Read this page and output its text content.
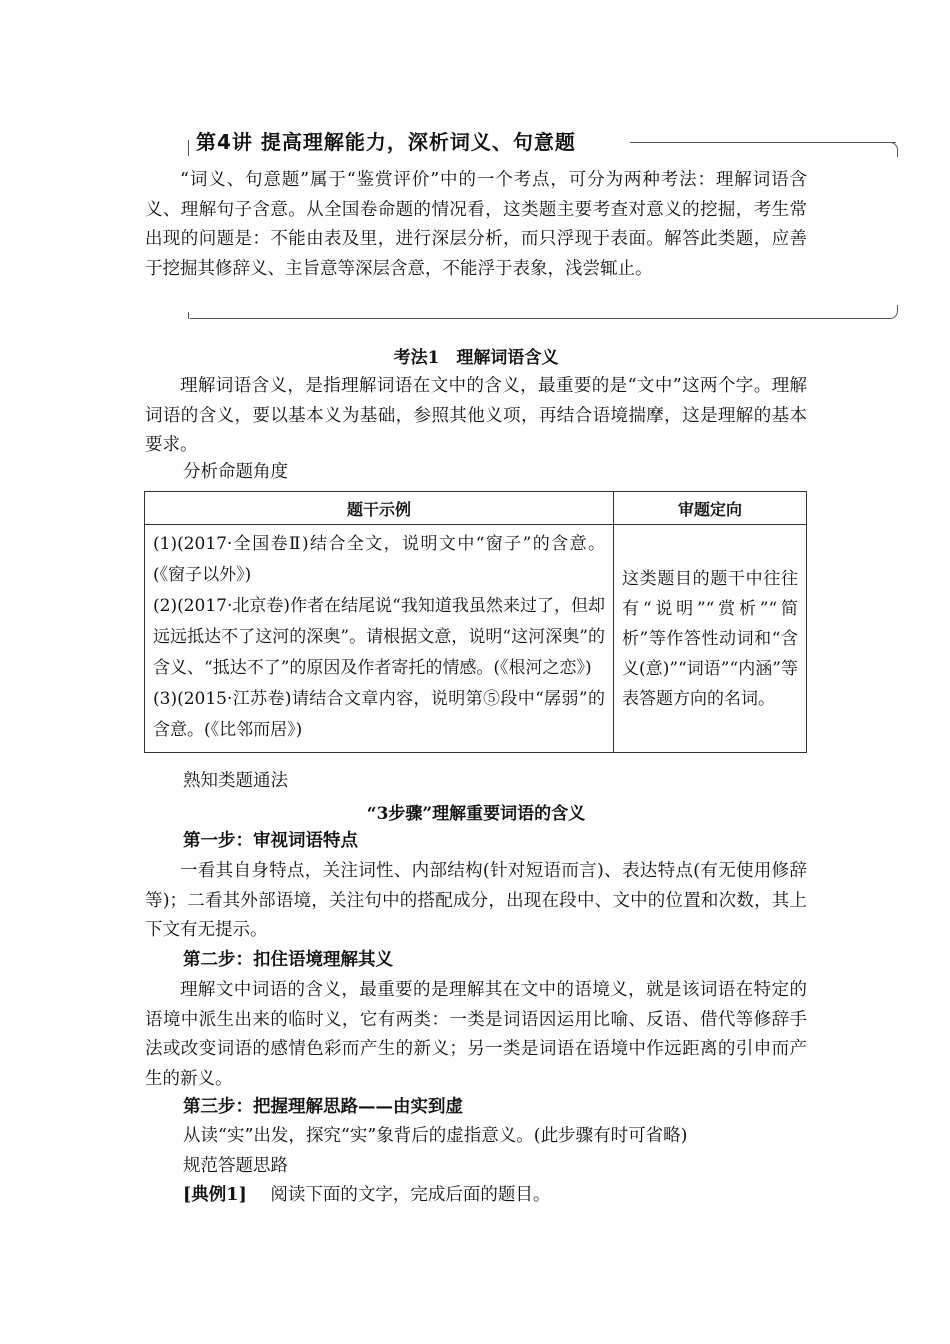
第4讲 提高理解能力，深析词义、句意题
“词义、句意题”属于“鉴赏评价”中的一个考点，可分为两种考法：理解词语含义、理解句子含意。从全国卷命题的情况看，这类题主要考查对意义的挖掘，考生常出现的问题是：不能由表及里，进行深层分析，而只浮现于表面。解答此类题，应善于挖掘其修辞义、主旨意等深层含意，不能浮于表象，浅尝辄止。
考法1　理解词语含义

理解词语含义，是指理解词语在文中的含义，最重要的是“文中”这两个字。理解词语的含义，要以基本义为基础，参照其他义项，再结合语境揣摩，这是理解的基本要求。

分析命题角度
题干示例	审题定向

(1)(2017·全国卷Ⅱ)结合全文，说明文中“窗子”的含意。(《窗子以外》)
(2)(2017·北京卷)作者在结尾说“我知道我虽然来过了，但却远远抵达不了这河的深奥”。请根据文意，说明“这河深奥”的含义、“抵达不了”的原因及作者寄托的情感。(《根河之恋》)
(3)(2015·江苏卷)请结合文章内容，说明第⑤段中“孱弱”的含意。(《比邻而居》)	这类题目的题干中往往有“说明”“赏析”“简析”等作答性动词和“含义(意)”“词语”“内涵”等表答题方向的名词。
熟知类题通法
“3步骤”理解重要词语的含义
第一步：审视词语特点

一看其自身特点，关注词性、内部结构(针对短语而言)、表达特点(有无使用修辞等)；二看其外部语境，关注句中的搭配成分，出现在段中、文中的位置和次数，其上下文有无提示。

第二步：扣住语境理解其义

理解文中词语的含义，最重要的是理解其在文中的语境义，就是该词语在特定的语境中派生出来的临时义，它有两类：一类是词语因运用比喻、反语、借代等修辞手法或改变词语的感情色彩而产生的新义；另一类是词语在语境中作远距离的引申而产生的新义。

第三步：把握理解思路——由实到虚
从读“实”出发，探究“实”象背后的虚指意义。(此步骤有时可省略)
规范答题思路
[典例1] 阅读下面的文字，完成后面的题目。
